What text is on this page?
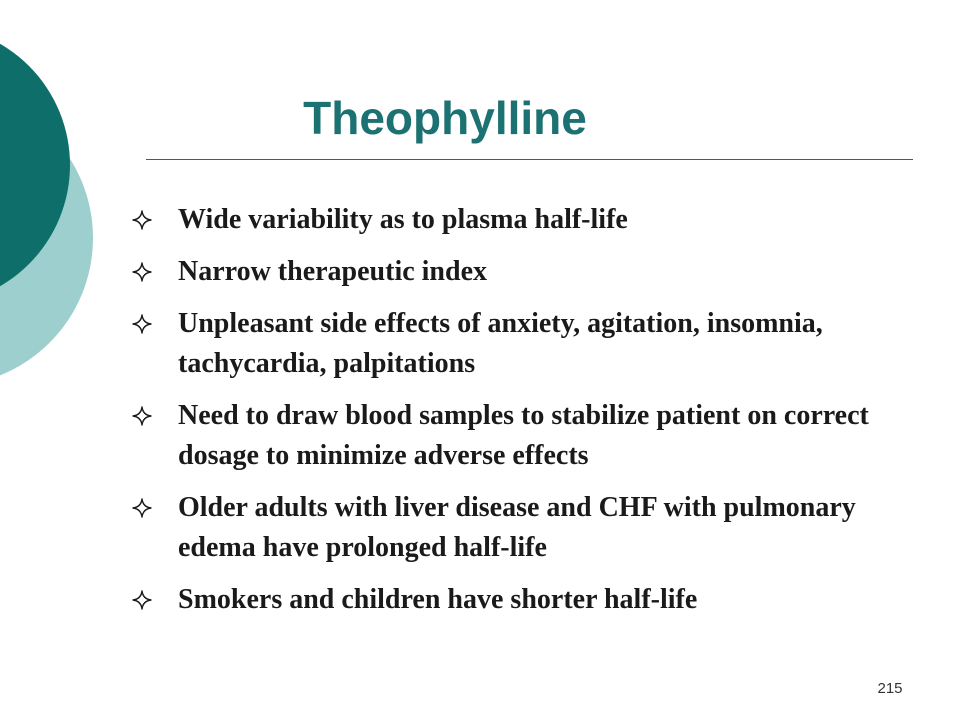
Theophylline
Wide variability as to plasma half-life
Narrow therapeutic index
Unpleasant side effects of anxiety, agitation, insomnia, tachycardia, palpitations
Need to draw blood samples to stabilize patient on correct dosage to minimize adverse effects
Older adults with liver disease and CHF with pulmonary edema have prolonged half-life
Smokers and children have shorter half-life
215
